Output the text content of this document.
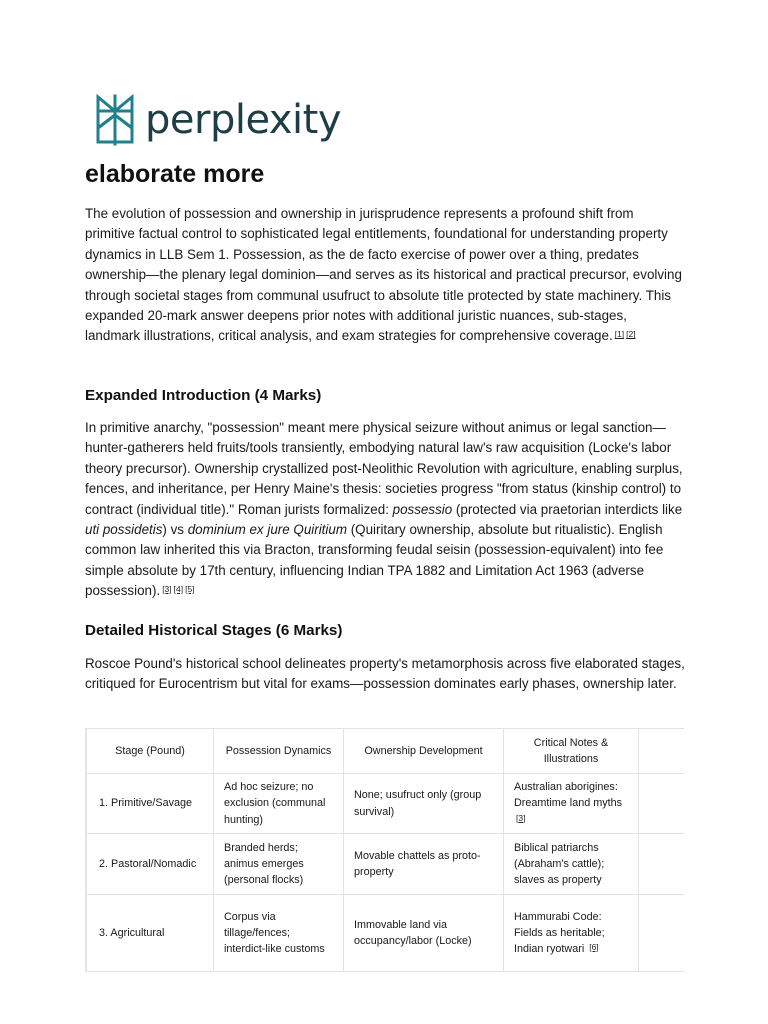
perplexity
elaborate more

The evolution of possession and ownership in jurisprudence represents a profound shift from primitive factual control to sophisticated legal entitlements, foundational for understanding property dynamics in LLB Sem 1. Possession, as the de facto exercise of power over a thing, predates ownership—the plenary legal dominion—and serves as its historical and practical precursor, evolving through societal stages from communal usufruct to absolute title protected by state machinery. This expanded 20-mark answer deepens prior notes with additional juristic nuances, sub-stages, landmark illustrations, critical analysis, and exam strategies for comprehensive coverage. [1] [2]

Expanded Introduction (4 Marks)

In primitive anarchy, "possession" meant mere physical seizure without animus or legal sanction—hunter-gatherers held fruits/tools transiently, embodying natural law's raw acquisition (Locke's labor theory precursor). Ownership crystallized post-Neolithic Revolution with agriculture, enabling surplus, fences, and inheritance, per Henry Maine's thesis: societies progress "from status (kinship control) to contract (individual title)." Roman jurists formalized: possessio (protected via praetorian interdicts like uti possidetis) vs dominium ex jure Quiritium (Quiritary ownership, absolute but ritualistic). English common law inherited this via Bracton, transforming feudal seisin (possession-equivalent) into fee simple absolute by 17th century, influencing Indian TPA 1882 and Limitation Act 1963 (adverse possession). [3] [4] [5]

Detailed Historical Stages (6 Marks)

Roscoe Pound's historical school delineates property's metamorphosis across five elaborated stages, critiqued for Eurocentrism but vital for exams—possession dominates early phases, ownership later.

Stage (Pound)	Possession Dynamics	Ownership Development	Critical Notes & Illustrations	
1. Primitive/Savage	Ad hoc seizure; no exclusion (communal hunting)	None; usufruct only (group survival)	Australian aborigines: Dreamtime land myths [3]	
2. Pastoral/Nomadic	Branded herds; animus emerges (personal flocks)	Movable chattels as proto-property	Biblical patriarchs (Abraham's cattle); slaves as property	
3. Agricultural	Corpus via tillage/fences; interdict-like customs	Immovable land via occupancy/labor (Locke)	Hammurabi Code: Fields as heritable; Indian ryotwari [6]	
